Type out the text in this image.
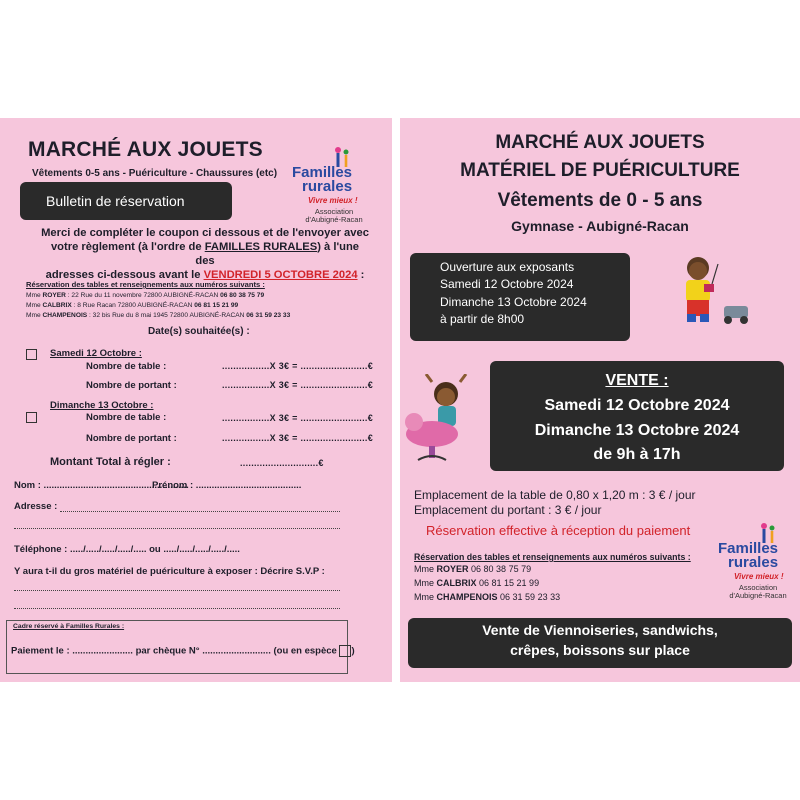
MARCHÉ AUX JOUETS
Vêtements 0-5 ans - Puériculture - Chaussures (etc) Familles
rurales
Vivre mieux !
Association
d'Aubigné-Racan
Bulletin de réservation
Merci de compléter le coupon ci dessous et de l'envoyer avec
votre règlement (à l'ordre de FAMILLES RURALES) à l'une des
adresses ci-dessous avant le VENDREDI 5 OCTOBRE 2024 :
Réservation des tables et renseignements aux numéros suivants :
Mme ROYER : 22 Rue du 11 novembre 72800 AUBIGNÉ-RACAN 06 80 38 75 79
Mme CALBRIX : 8 Rue Racan 72800 AUBIGNÉ-RACAN 06 81 15 21 99
Mme CHAMPENOIS : 32 bis Rue du 8 mai 1945 72800 AUBIGNÉ-RACAN 06 31 59 23 33
Date(s) souhaitée(s) :
Samedi 12 Octobre :
Nombre de table :	.................X 3€ = ........................€
Nombre de portant :	.................X 3€ = ........................€
Dimanche 13 Octobre :
Nombre de table :	.................X 3€ = ........................€
Nombre de portant :	.................X 3€ = ........................€
Montant Total à régler :	............................€
Nom : .......................................................
Prénom : ........................................
Adresse :
Téléphone : ...../...../...../...../..... ou ...../...../...../...../.....
Y aura t-il du gros matériel de puériculture à exposer : Décrire S.V.P :
Cadre réservé à Familles Rurales :
Paiement le : ....................... par chèque N° .......................... (ou en espèce )
MARCHÉ AUX JOUETS
MATÉRIEL DE PUÉRICULTURE
Vêtements de 0 - 5 ans
Gymnase - Aubigné-Racan
Ouverture aux exposants
Samedi 12 Octobre 2024
Dimanche 13 Octobre 2024
à partir de 8h00
VENTE :
Samedi 12 Octobre 2024
Dimanche 13 Octobre 2024
de 9h à 17h
Emplacement de la table de 0,80 x 1,20 m : 3 € / jour
Emplacement du portant : 3 € / jour
Réservation effective à réception du paiement
Réservation des tables et renseignements aux numéros suivants :
Mme ROYER 06 80 38 75 79
Mme CALBRIX 06 81 15 21 99
Mme CHAMPENOIS 06 31 59 23 33
Familles
rurales
Vivre mieux !
Association
d'Aubigné-Racan
Vente de Viennoiseries, sandwichs,
crêpes, boissons sur place
